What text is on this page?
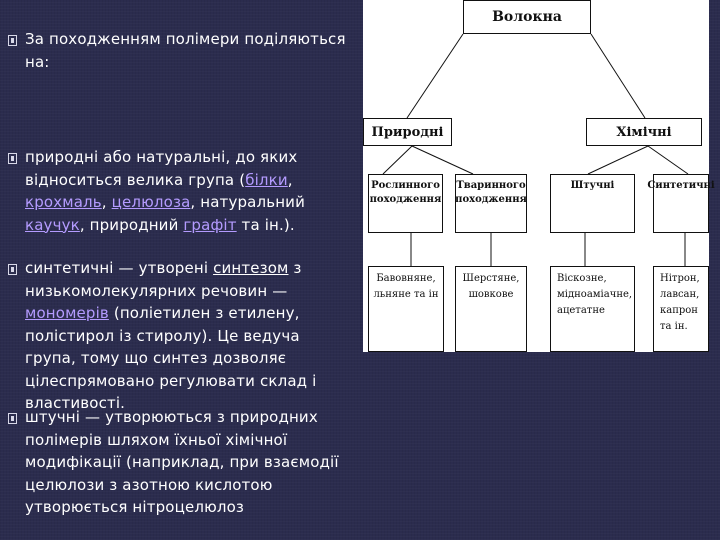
За походженням полімери поділяються на:
природні або натуральні, до яких відноситься велика група (білки, крохмаль, целюлоза, натуральний каучук, природний графіт та ін.).
синтетичні — утворені синтезом з низькомолекулярних речовин — мономерів (поліетилен з етилену, полістирол із стиролу). Це ведуча група, тому що синтез дозволяє цілеспрямовано регулювати склад і властивості.
штучні — утворюються з природних полімерів шляхом їхньої хімічної модифікації (наприклад, при взаємодії целюлози з азотною кислотою утворюється нітроцелюлоз
Волокна
Природні	Хімічні
Рослинного походження
Тваринного походження
Штучні	Синтетичні
Бавовняне, льняне та ін
Шерстяне, шовкове
Віскозне, мідноаміачне, ацетатне
Нітрон, лавсан, капрон та ін.
